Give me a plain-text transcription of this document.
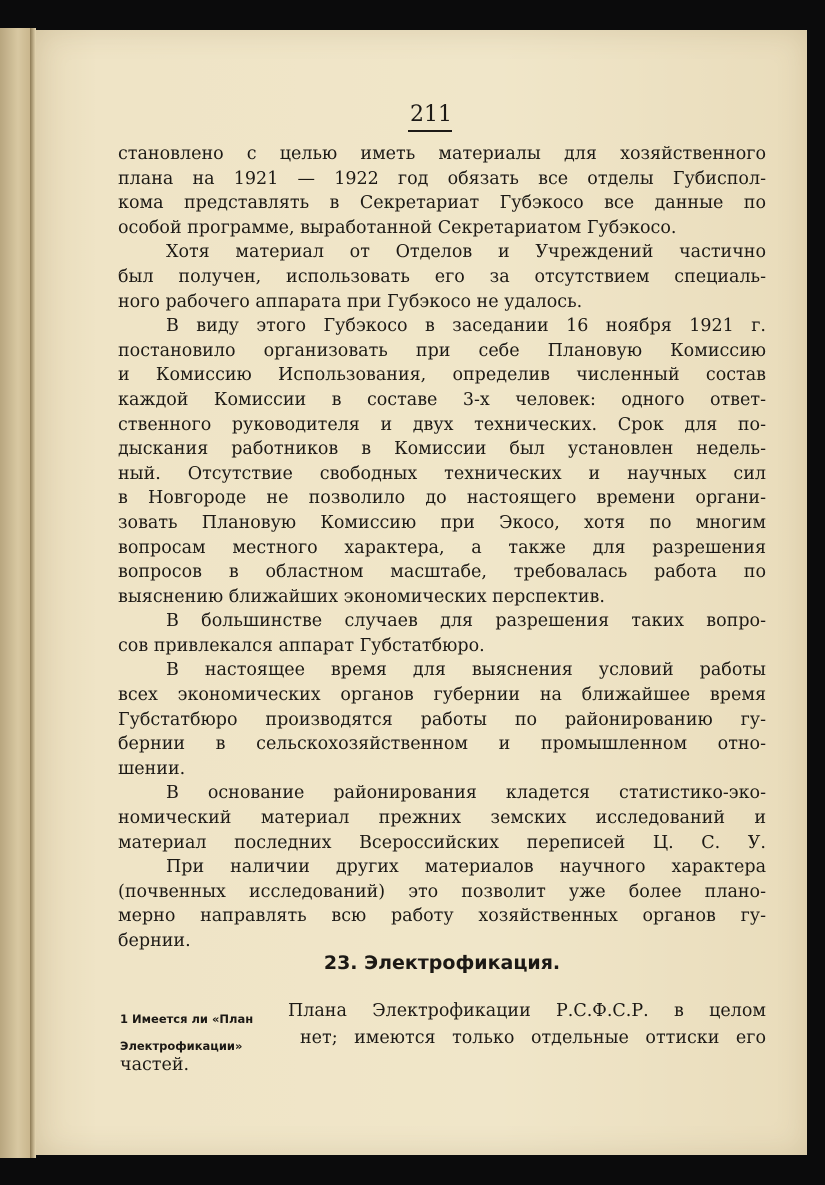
211
становлено с целью иметь материалы для хозяйственного
плана на 1921 — 1922 год обязать все отделы Губиспол-
кома представлять в Секретариат Губэкосо все данные по
особой программе, выработанной Секретариатом Губэкосо.
Хотя материал от Отделов и Учреждений частично
был получен, использовать его за отсутствием специаль-
ного рабочего аппарата при Губэкосо не удалось.
В виду этого Губэкосо в заседании 16 ноября 1921 г.
постановило организовать при себе Плановую Комиссию
и Комиссию Использования, определив численный состав
каждой Комиссии в составе 3-х человек: одного ответ-
ственного руководителя и двух технических. Срок для по-
дыскания работников в Комиссии был установлен недель-
ный. Отсутствие свободных технических и научных сил
в Новгороде не позволило до настоящего времени органи-
зовать Плановую Комиссию при Экосо, хотя по многим
вопросам местного характера, а также для разрешения
вопросов в областном масштабе, требовалась работа по
выяснению ближайших экономических перспектив.
В большинстве случаев для разрешения таких вопро-
сов привлекался аппарат Губстатбюро.
В настоящее время для выяснения условий работы
всех экономических органов губернии на ближайшее время
Губстатбюро производятся работы по районированию гу-
бернии в сельскохозяйственном и промышленном отно-
шении.
В основание районирования кладется статистико-эко-
номический материал прежних земских исследований и
материал последних Всероссийских переписей Ц. С. У.
При наличии других материалов научного характера
(почвенных исследований) это позволит уже более плано-
мерно направлять всю работу хозяйственных органов гу-
бернии.
23. Электрофикация.
1 Имеется ли «План
Электрофикации»
Плана Электрофикации Р.С.Ф.С.Р. в целом
нет; имеются только отдельные оттиски его
частей.
